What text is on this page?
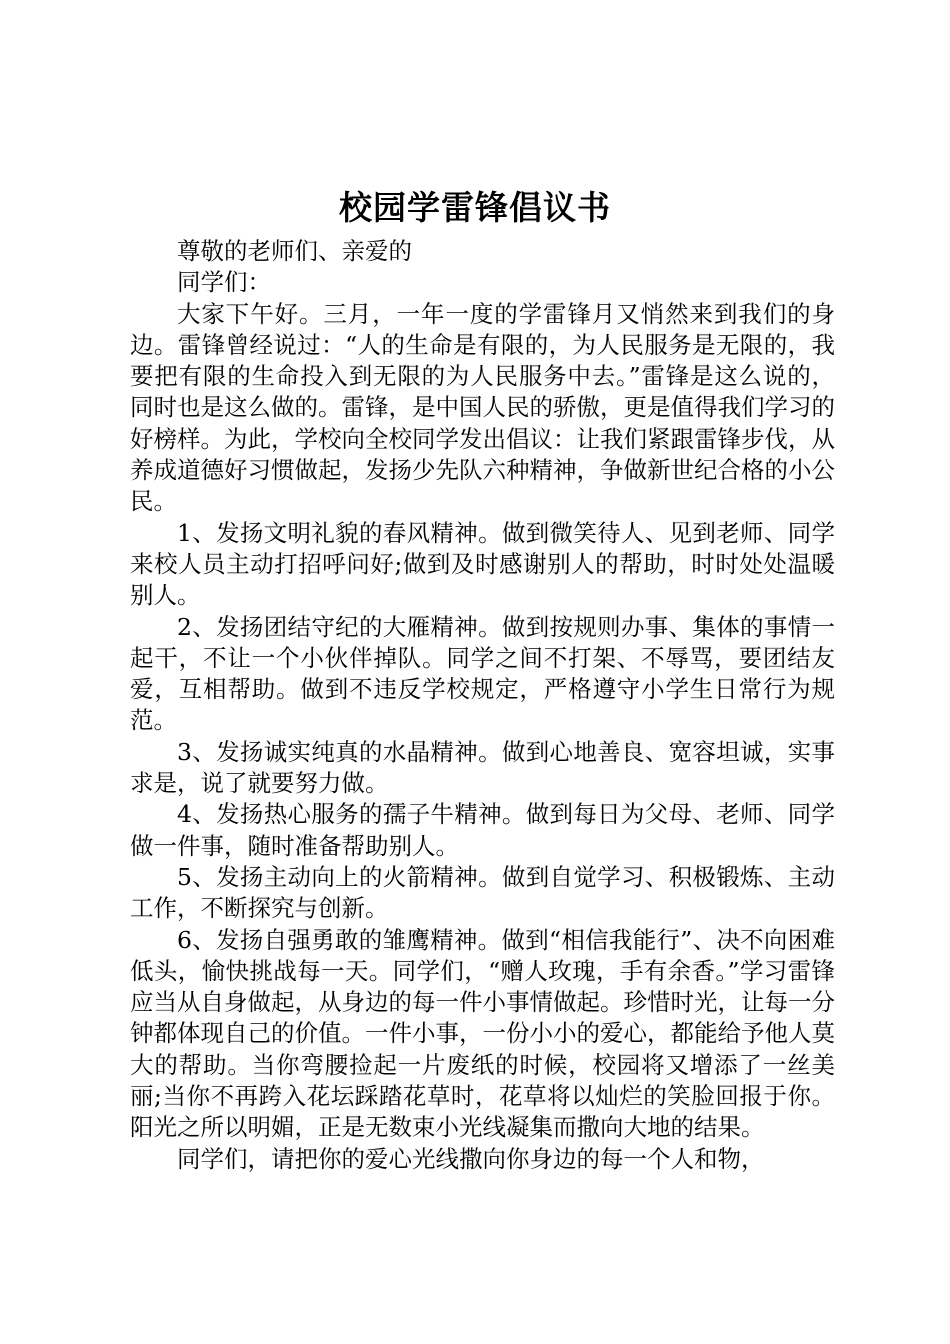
校园学雷锋倡议书

尊敬的老师们、亲爱的

同学们：

大家下午好。三月，一年一度的学雷锋月又悄然来到我们的身边。雷锋曾经说过：“人的生命是有限的，为人民服务是无限的，我要把有限的生命投入到无限的为人民服务中去。”雷锋是这么说的，同时也是这么做的。雷锋，是中国人民的骄傲，更是值得我们学习的好榜样。为此，学校向全校同学发出倡议：让我们紧跟雷锋步伐，从养成道德好习惯做起，发扬少先队六种精神，争做新世纪合格的小公民。

1、发扬文明礼貌的春风精神。做到微笑待人、见到老师、同学来校人员主动打招呼问好;做到及时感谢别人的帮助，时时处处温暖别人。

2、发扬团结守纪的大雁精神。做到按规则办事、集体的事情一起干，不让一个小伙伴掉队。同学之间不打架、不辱骂，要团结友爱，互相帮助。做到不违反学校规定，严格遵守小学生日常行为规范。

3、发扬诚实纯真的水晶精神。做到心地善良、宽容坦诚，实事求是，说了就要努力做。

4、发扬热心服务的孺子牛精神。做到每日为父母、老师、同学做一件事，随时准备帮助别人。

5、发扬主动向上的火箭精神。做到自觉学习、积极锻炼、主动工作，不断探究与创新。

6、发扬自强勇敢的雏鹰精神。做到“相信我能行”、决不向困难低头，愉快挑战每一天。同学们，“赠人玫瑰，手有余香。”学习雷锋应当从自身做起，从身边的每一件小事情做起。珍惜时光，让每一分钟都体现自己的价值。一件小事，一份小小的爱心，都能给予他人莫大的帮助。当你弯腰捡起一片废纸的时候，校园将又增添了一丝美丽;当你不再跨入花坛踩踏花草时，花草将以灿烂的笑脸回报于你。阳光之所以明媚，正是无数束小光线凝集而撒向大地的结果。

同学们，请把你的爱心光线撒向你身边的每一个人和物，
